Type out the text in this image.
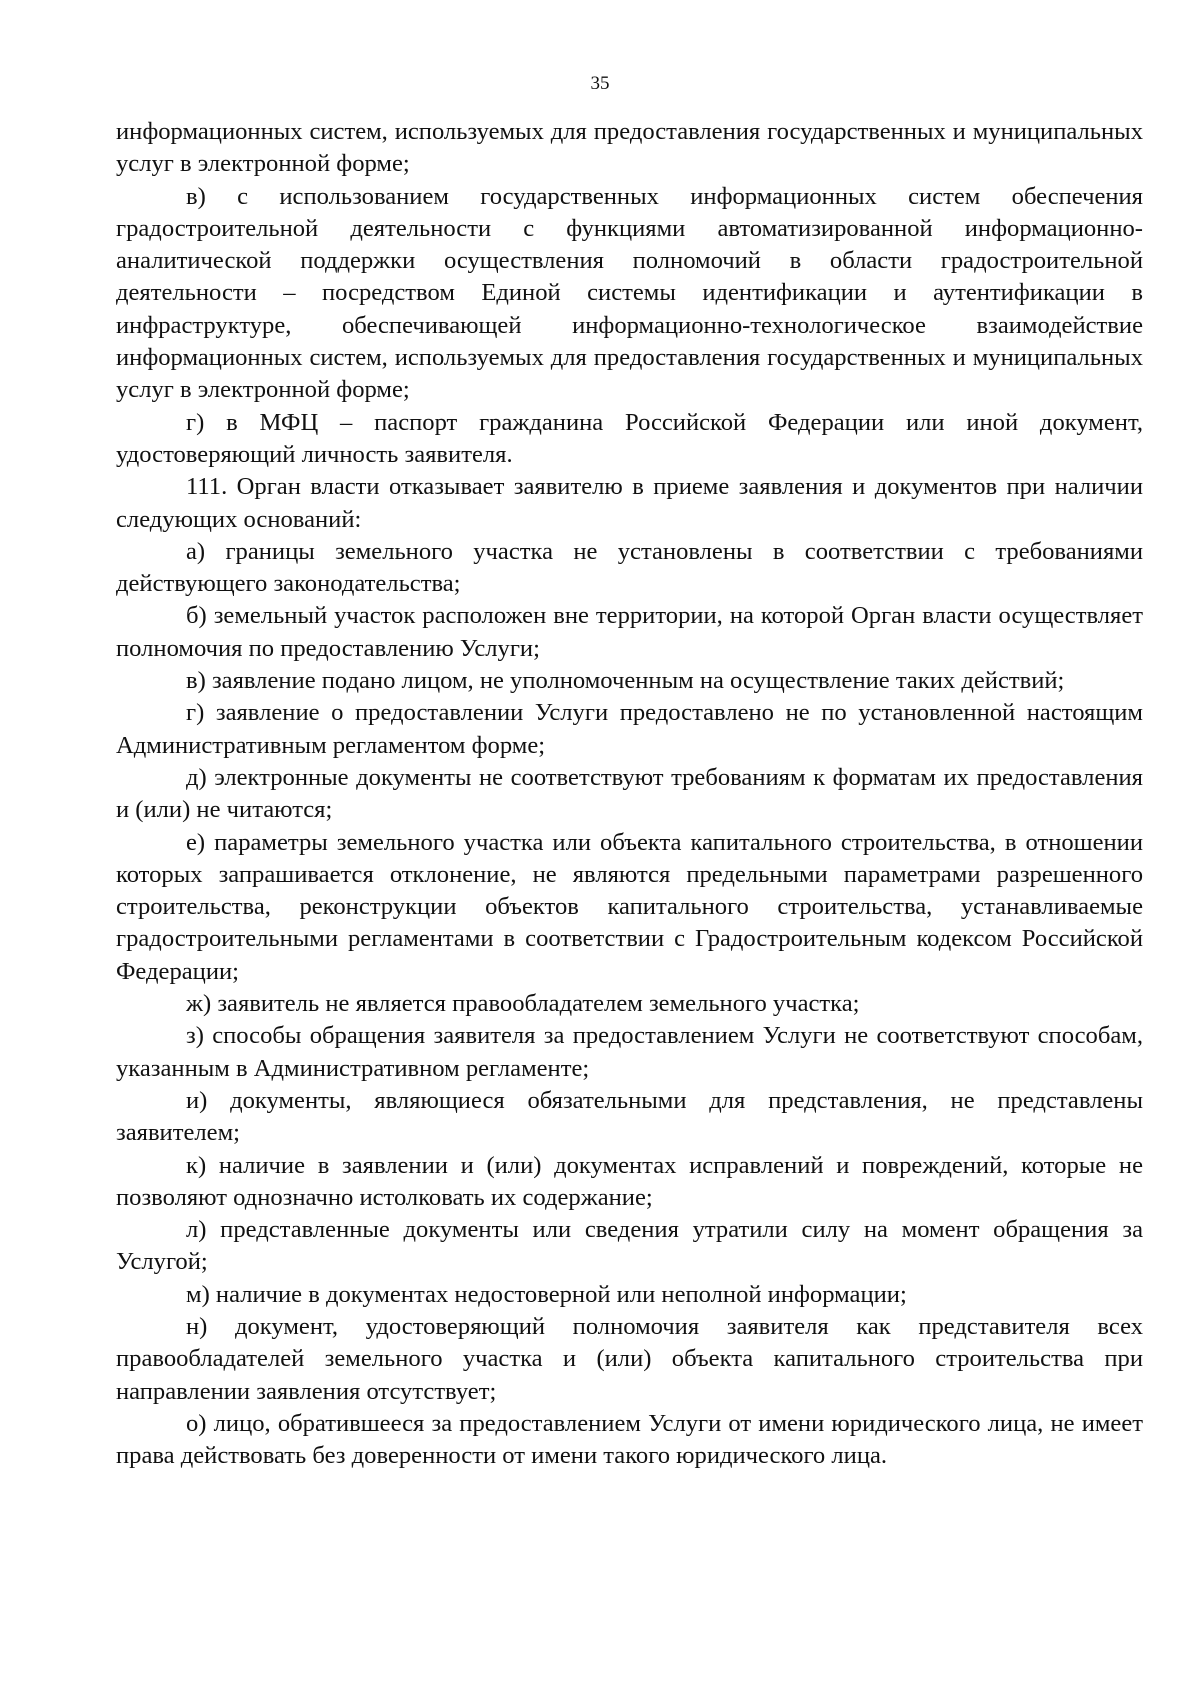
35

информационных систем, используемых для предоставления государственных и муниципальных услуг в электронной форме;

в) с использованием государственных информационных систем обеспечения градостроительной деятельности с функциями автоматизированной информационно-аналитической поддержки осуществления полномочий в области градостроительной деятельности – посредством Единой системы идентификации и аутентификации в инфраструктуре, обеспечивающей информационно-технологическое взаимодействие информационных систем, используемых для предоставления государственных и муниципальных услуг в электронной форме;

г) в МФЦ – паспорт гражданина Российской Федерации или иной документ, удостоверяющий личность заявителя.

111. Орган власти отказывает заявителю в приеме заявления и документов при наличии следующих оснований:

а) границы земельного участка не установлены в соответствии с требованиями действующего законодательства;

б) земельный участок расположен вне территории, на которой Орган власти осуществляет полномочия по предоставлению Услуги;

в) заявление подано лицом, не уполномоченным на осуществление таких действий;

г) заявление о предоставлении Услуги предоставлено не по установленной настоящим Административным регламентом форме;

д) электронные документы не соответствуют требованиям к форматам их предоставления и (или) не читаются;

е) параметры земельного участка или объекта капитального строительства, в отношении которых запрашивается отклонение, не являются предельными параметрами разрешенного строительства, реконструкции объектов капитального строительства, устанавливаемые градостроительными регламентами в соответствии с Градостроительным кодексом Российской Федерации;

ж) заявитель не является правообладателем земельного участка;

з) способы обращения заявителя за предоставлением Услуги не соответствуют способам, указанным в Административном регламенте;

и) документы, являющиеся обязательными для представления, не представлены заявителем;

к) наличие в заявлении и (или) документах исправлений и повреждений, которые не позволяют однозначно истолковать их содержание;

л) представленные документы или сведения утратили силу на момент обращения за Услугой;

м) наличие в документах недостоверной или неполной информации;

н) документ, удостоверяющий полномочия заявителя как представителя всех правообладателей земельного участка и (или) объекта капитального строительства при направлении заявления отсутствует;

о) лицо, обратившееся за предоставлением Услуги от имени юридического лица, не имеет права действовать без доверенности от имени такого юридического лица.
